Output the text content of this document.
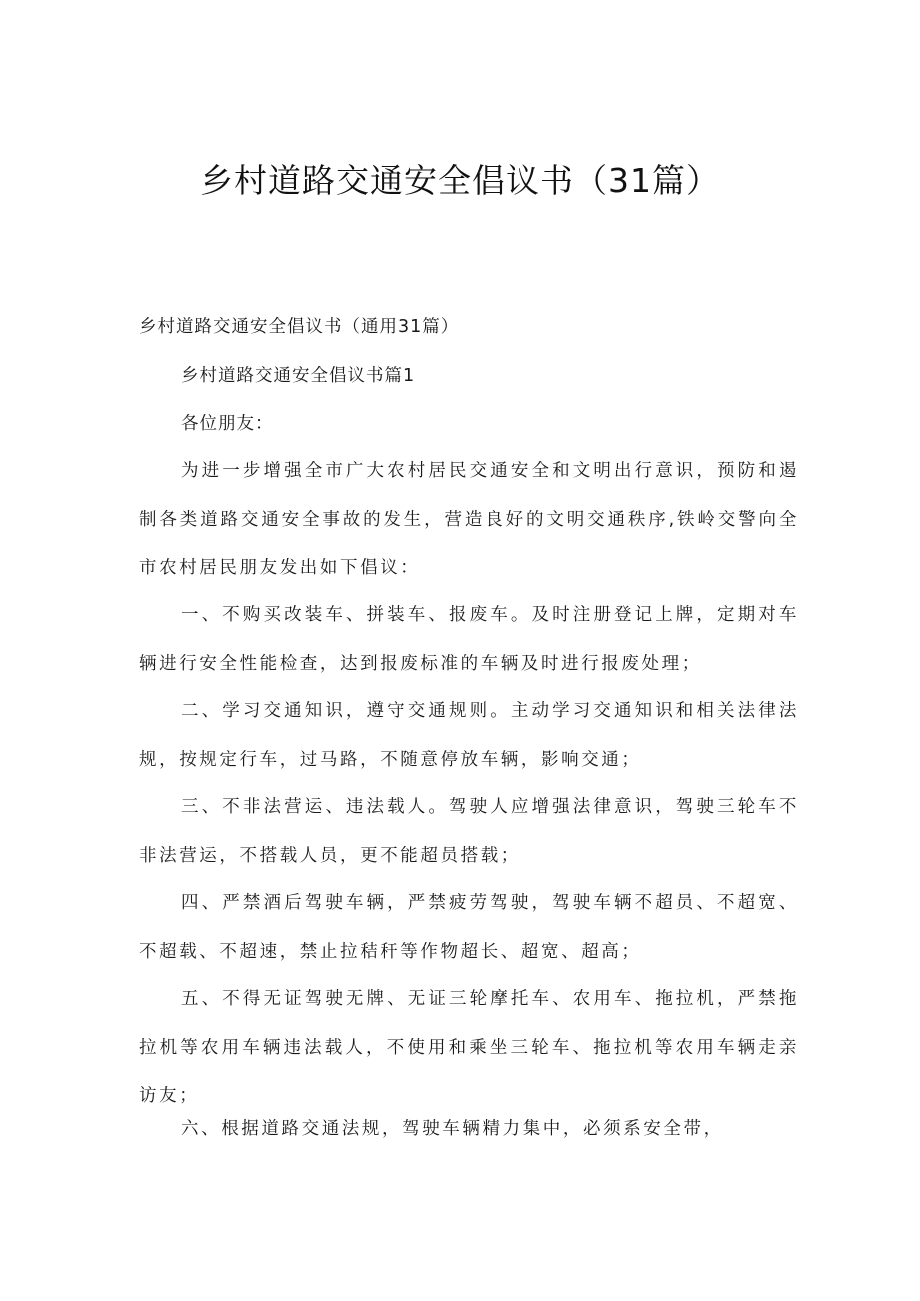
乡村道路交通安全倡议书（31篇）
乡村道路交通安全倡议书（通用31篇）
乡村道路交通安全倡议书篇1
各位朋友：

为进一步增强全市广大农村居民交通安全和文明出行意识，预防和遏制各类道路交通安全事故的发生，营造良好的文明交通秩序,铁岭交警向全市农村居民朋友发出如下倡议：

一、不购买改装车、拼装车、报废车。及时注册登记上牌，定期对车辆进行安全性能检查，达到报废标准的车辆及时进行报废处理；

二、学习交通知识，遵守交通规则。主动学习交通知识和相关法律法规，按规定行车，过马路，不随意停放车辆，影响交通；

三、不非法营运、违法载人。驾驶人应增强法律意识，驾驶三轮车不非法营运，不搭载人员，更不能超员搭载；

四、严禁酒后驾驶车辆，严禁疲劳驾驶，驾驶车辆不超员、不超宽、不超载、不超速，禁止拉秸秆等作物超长、超宽、超高；

五、不得无证驾驶无牌、无证三轮摩托车、农用车、拖拉机，严禁拖拉机等农用车辆违法载人，不使用和乘坐三轮车、拖拉机等农用车辆走亲访友；

六、根据道路交通法规，驾驶车辆精力集中，必须系安全带，
